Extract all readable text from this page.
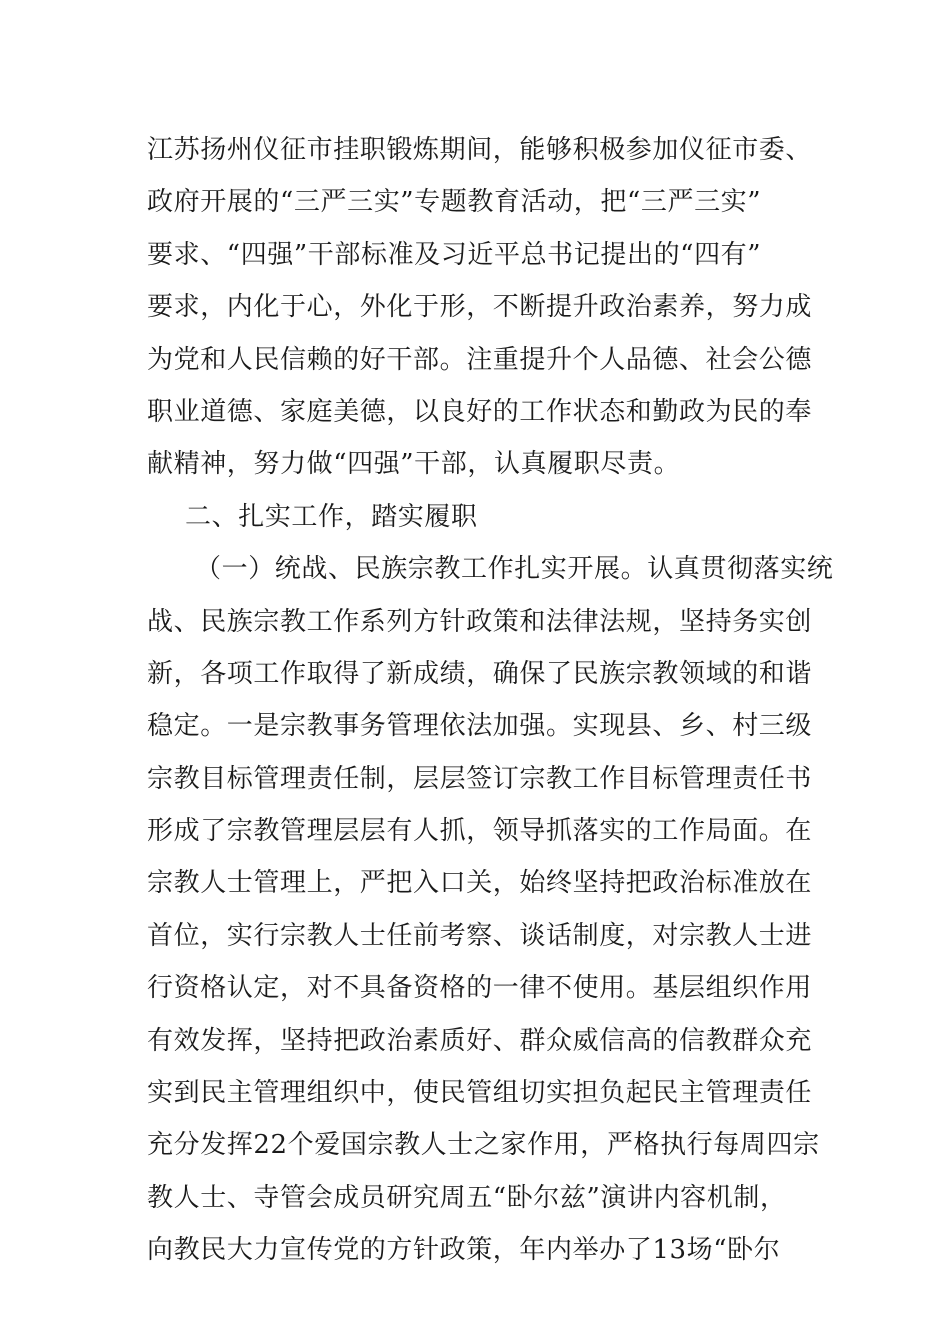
江苏扬州仪征市挂职锻炼期间，能够积极参加仪征市委、
政府开展的“三严三实”专题教育活动，把“三严三实”
要求、“四强”干部标准及习近平总书记提出的“四有”
要求，内化于心，外化于形，不断提升政治素养，努力成
为党和人民信赖的好干部。注重提升个人品德、社会公德
职业道德、家庭美德，以良好的工作状态和勤政为民的奉
献精神，努力做“四强”干部，认真履职尽责。
二、扎实工作，踏实履职
（一）统战、民族宗教工作扎实开展。认真贯彻落实统
战、民族宗教工作系列方针政策和法律法规，坚持务实创
新，各项工作取得了新成绩，确保了民族宗教领域的和谐
稳定。一是宗教事务管理依法加强。实现县、乡、村三级
宗教目标管理责任制，层层签订宗教工作目标管理责任书
形成了宗教管理层层有人抓，领导抓落实的工作局面。在
宗教人士管理上，严把入口关，始终坚持把政治标准放在
首位，实行宗教人士任前考察、谈话制度，对宗教人士进
行资格认定，对不具备资格的一律不使用。基层组织作用
有效发挥，坚持把政治素质好、群众威信高的信教群众充
实到民主管理组织中，使民管组切实担负起民主管理责任
充分发挥22个爱国宗教人士之家作用，严格执行每周四宗
教人士、寺管会成员研究周五“卧尔兹”演讲内容机制，
向教民大力宣传党的方针政策，年内举办了13场“卧尔
